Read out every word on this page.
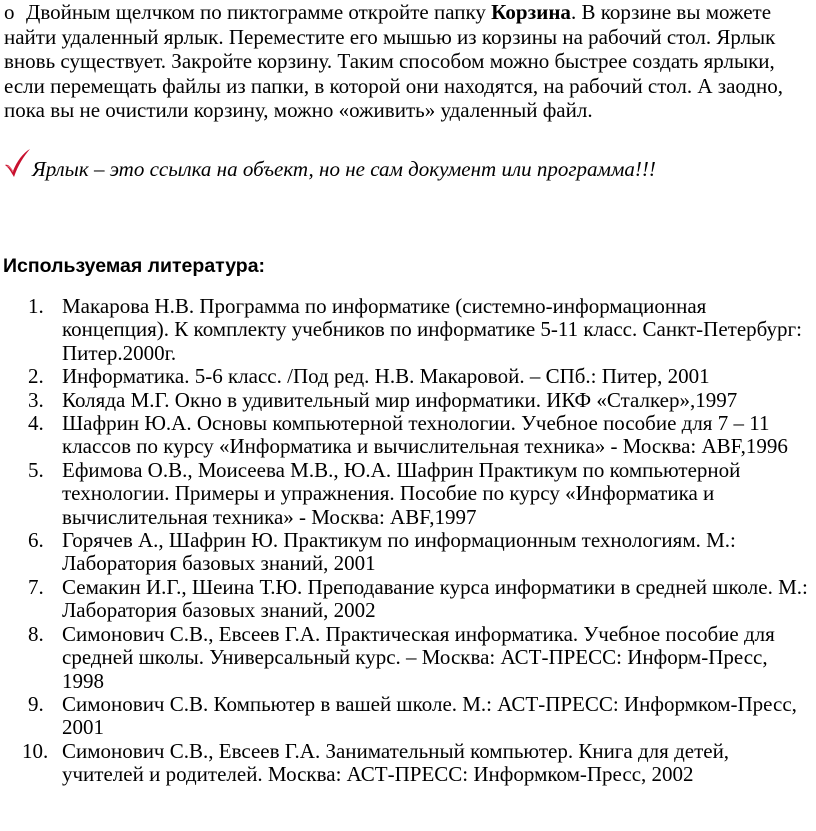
o Двойным щелчком по пиктограмме откройте папку Корзина. В корзине вы можете найти удаленный ярлык. Переместите его мышью из корзины на рабочий стол. Ярлык вновь существует. Закройте корзину. Таким способом можно быстрее создать ярлыки, если перемещать файлы из папки, в которой они находятся, на рабочий стол. А заодно, пока вы не очистили корзину, можно «оживить» удаленный файл.

Ярлык – это ссылка на объект, но не сам документ или программа!!!
Используемая литература:
1. Макарова Н.В. Программа по информатике (системно-информационная концепция). К комплекту учебников по информатике 5-11 класс. Санкт-Петербург: Питер.2000г.
2. Информатика. 5-6 класс. /Под ред. Н.В. Макаровой. – СПб.: Питер, 2001
3. Коляда М.Г. Окно в удивительный мир информатики. ИКФ «Сталкер»,1997
4. Шафрин Ю.А. Основы компьютерной технологии. Учебное пособие для 7 – 11 классов по курсу «Информатика и вычислительная техника» - Москва: ABF,1996
5. Ефимова О.В., Моисеева М.В., Ю.А. Шафрин Практикум по компьютерной технологии. Примеры и упражнения. Пособие по курсу «Информатика и вычислительная техника» - Москва: ABF,1997
6. Горячев А., Шафрин Ю. Практикум по информационным технологиям. М.: Лаборатория базовых знаний, 2001
7. Семакин И.Г., Шеина Т.Ю. Преподавание курса информатики в средней школе. М.: Лаборатория базовых знаний, 2002
8. Симонович С.В., Евсеев Г.А. Практическая информатика. Учебное пособие для средней школы. Универсальный курс. – Москва: АСТ-ПРЕСС: Информ-Пресс, 1998
9. Симонович С.В. Компьютер в вашей школе. М.: АСТ-ПРЕСС: Информком-Пресс, 2001
10. Симонович С.В., Евсеев Г.А. Занимательный компьютер. Книга для детей, учителей и родителей. Москва: АСТ-ПРЕСС: Информком-Пресс, 2002
